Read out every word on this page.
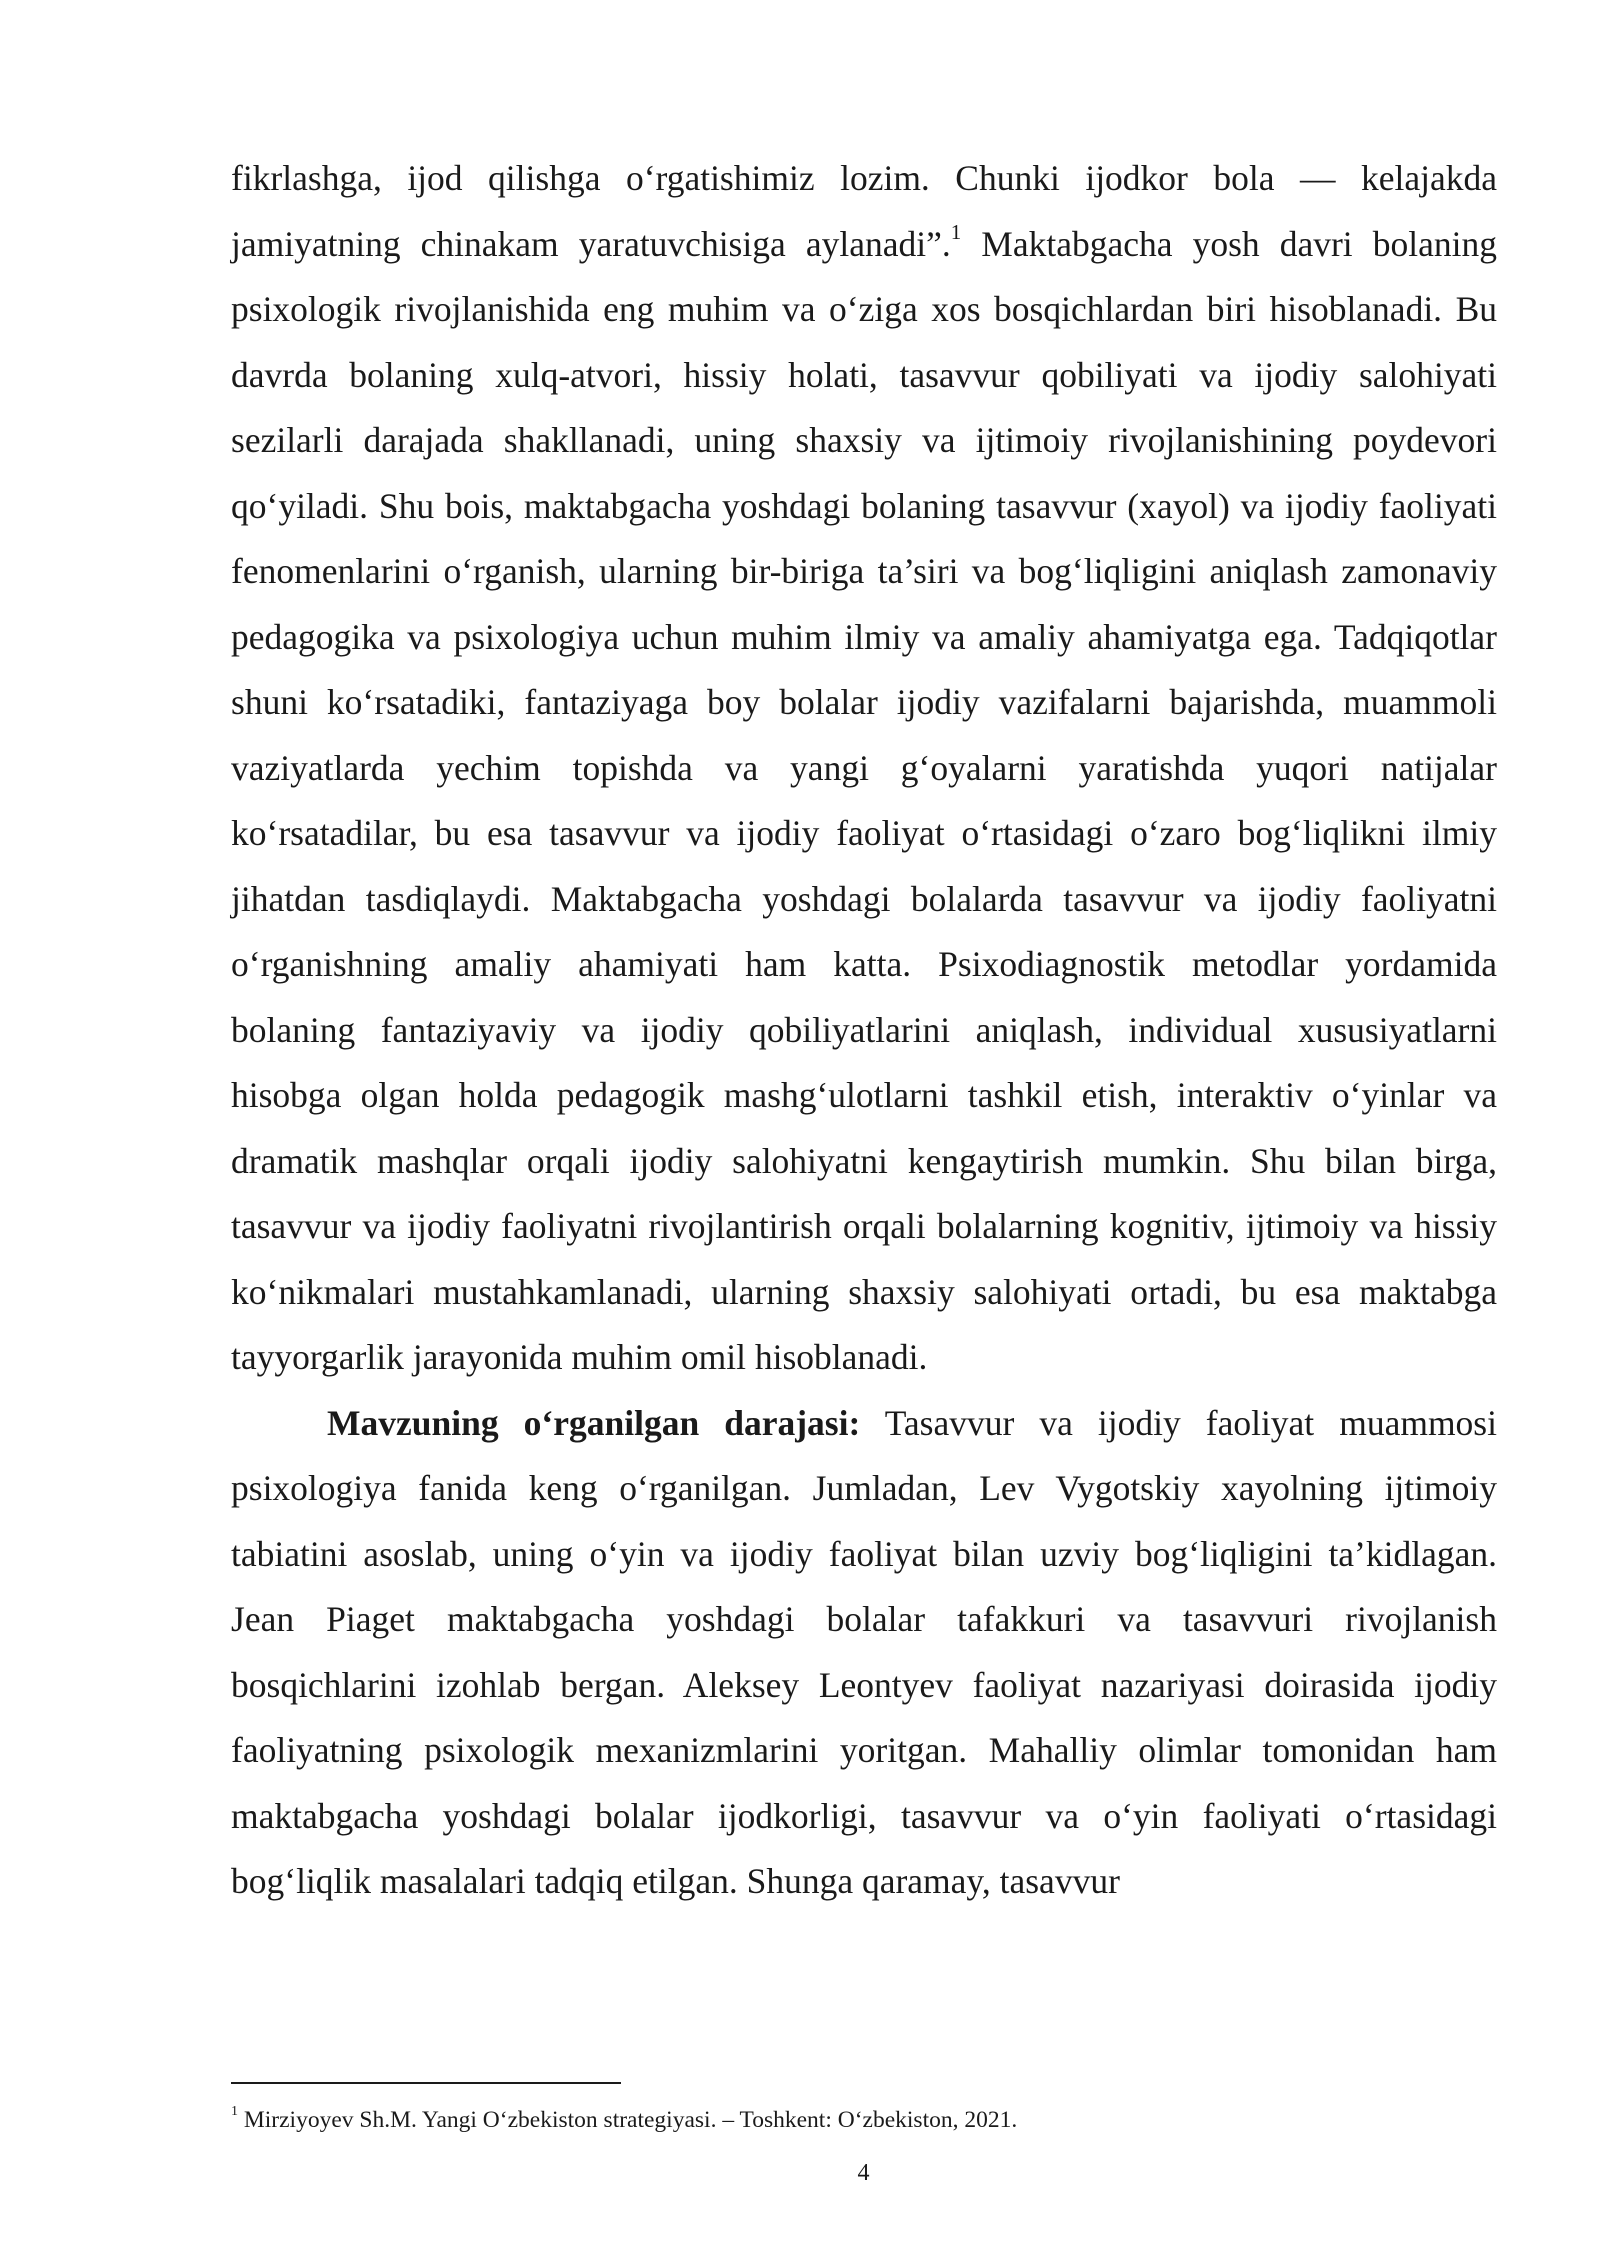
fikrlashga, ijod qilishga o‘rgatishimiz lozim. Chunki ijodkor bola — kelajakda jamiyatning chinakam yaratuvchisiga aylanadi”.$^1$ Maktabgacha yosh davri bolaning psixologik rivojlanishida eng muhim va o‘ziga xos bosqichlardan biri hisoblanadi. Bu davrda bolaning xulq-atvori, hissiy holati, tasavvur qobiliyati va ijodiy salohiyati sezilarli darajada shakllanadi, uning shaxsiy va ijtimoiy rivojlanishining poydevori qo‘yiladi. Shu bois, maktabgacha yoshdagi bolaning tasavvur (xayol) va ijodiy faoliyati fenomenlarini o‘rganish, ularning bir-biriga ta’siri va bog‘liqligini aniqlash zamonaviy pedagogika va psixologiya uchun muhim ilmiy va amaliy ahamiyatga ega. Tadqiqotlar shuni ko‘rsatadiki, fantaziyaga boy bolalar ijodiy vazifalarni bajarishda, muammoli vaziyatlarda yechim topishda va yangi g‘oyalarni yaratishda yuqori natijalar ko‘rsatadilar, bu esa tasavvur va ijodiy faoliyat o‘rtasidagi o‘zaro bog‘liqlikni ilmiy jihatdan tasdiqlaydi. Maktabgacha yoshdagi bolalarda tasavvur va ijodiy faoliyatni o‘rganishning amaliy ahamiyati ham katta. Psixodiagnostik metodlar yordamida bolaning fantaziyaviy va ijodiy qobiliyatlarini aniqlash, individual xususiyatlarni hisobga olgan holda pedagogik mashg‘ulotlarni tashkil etish, interaktiv o‘yinlar va dramatik mashqlar orqali ijodiy salohiyatni kengaytirish mumkin. Shu bilan birga, tasavvur va ijodiy faoliyatni rivojlantirish orqali bolalarning kognitiv, ijtimoiy va hissiy ko‘nikmalari mustahkamlanadi, ularning shaxsiy salohiyati ortadi, bu esa maktabga tayyorgarlik jarayonida muhim omil hisoblanadi.

Mavzuning o‘rganilgan darajasi: Tasavvur va ijodiy faoliyat muammosi psixologiya fanida keng o‘rganilgan. Jumladan, Lev Vygotskiy xayolning ijtimoiy tabiatini asoslab, uning o‘yin va ijodiy faoliyat bilan uzviy bog‘liqligini ta’kidlagan. Jean Piaget maktabgacha yoshdagi bolalar tafakkuri va tasavvuri rivojlanish bosqichlarini izohlab bergan. Aleksey Leontyev faoliyat nazariyasi doirasida ijodiy faoliyatning psixologik mexanizmlarini yoritgan. Mahalliy olimlar tomonidan ham maktabgacha yoshdagi bolalar ijodkorligi, tasavvur va o‘yin faoliyati o‘rtasidagi bog‘liqlik masalalari tadqiq etilgan. Shunga qaramay, tasavvur

$^1$ Mirziyoyev Sh.M. Yangi O‘zbekiston strategiyasi. – Toshkent: O‘zbekiston, 2021.
4
